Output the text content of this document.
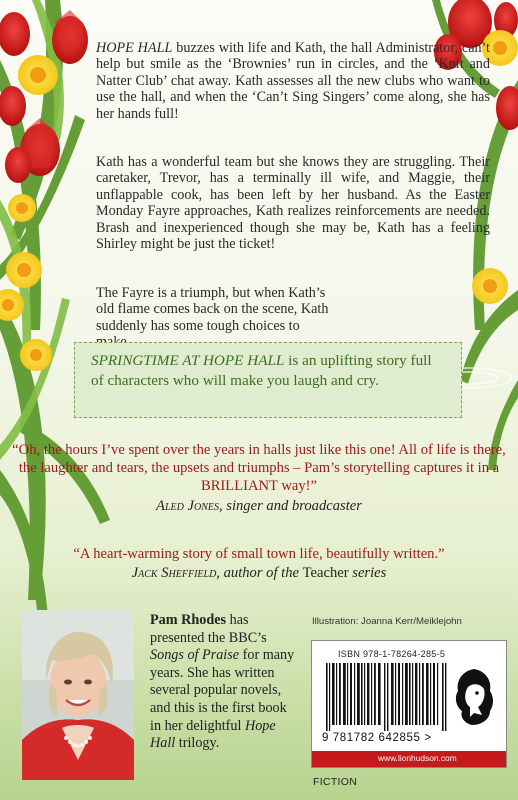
HOPE HALL buzzes with life and Kath, the hall Administrator, can’t help but smile as the ‘Brownies’ run in circles, and the ‘Knit and Natter Club’ chat away. Kath assesses all the new clubs who want to use the hall, and when the ‘Can’t Sing Singers’ come along, she has her hands full!

Kath has a wonderful team but she knows they are struggling. Their caretaker, Trevor, has a terminally ill wife, and Maggie, their unflappable cook, has been left by her husband. As the Easter Monday Fayre approaches, Kath realizes reinforcements are needed. Brash and inexperienced though she may be, Kath has a feeling Shirley might be just the ticket!

The Fayre is a triumph, but when Kath’s old flame comes back on the scene, Kath suddenly has some tough choices to

SPRINGTIME AT HOPE HALL is an uplifting story full of characters who will make you laugh and cry.

“Oh, the hours I’ve spent over the years in halls just like this one! All of life is there, the laughter and tears, the upsets and triumphs – Pam’s storytelling captures it in a BRILLIANT way!”

Aled Jones, singer and broadcaster

“A heart-warming story of small town life, beautifully written.”

Jack Sheffield, author of the Teacher series

Pam Rhodes has presented the BBC’s Songs of Praise for many years. She has written several popular novels, and this is the first book in her delightful Hope Hall trilogy.
Illustration: Joanna Kerr/Meiklejohn
ISBN 978-1-78264-285-5
9 781782 642855 >
www.lionhudson.com
FICTION
